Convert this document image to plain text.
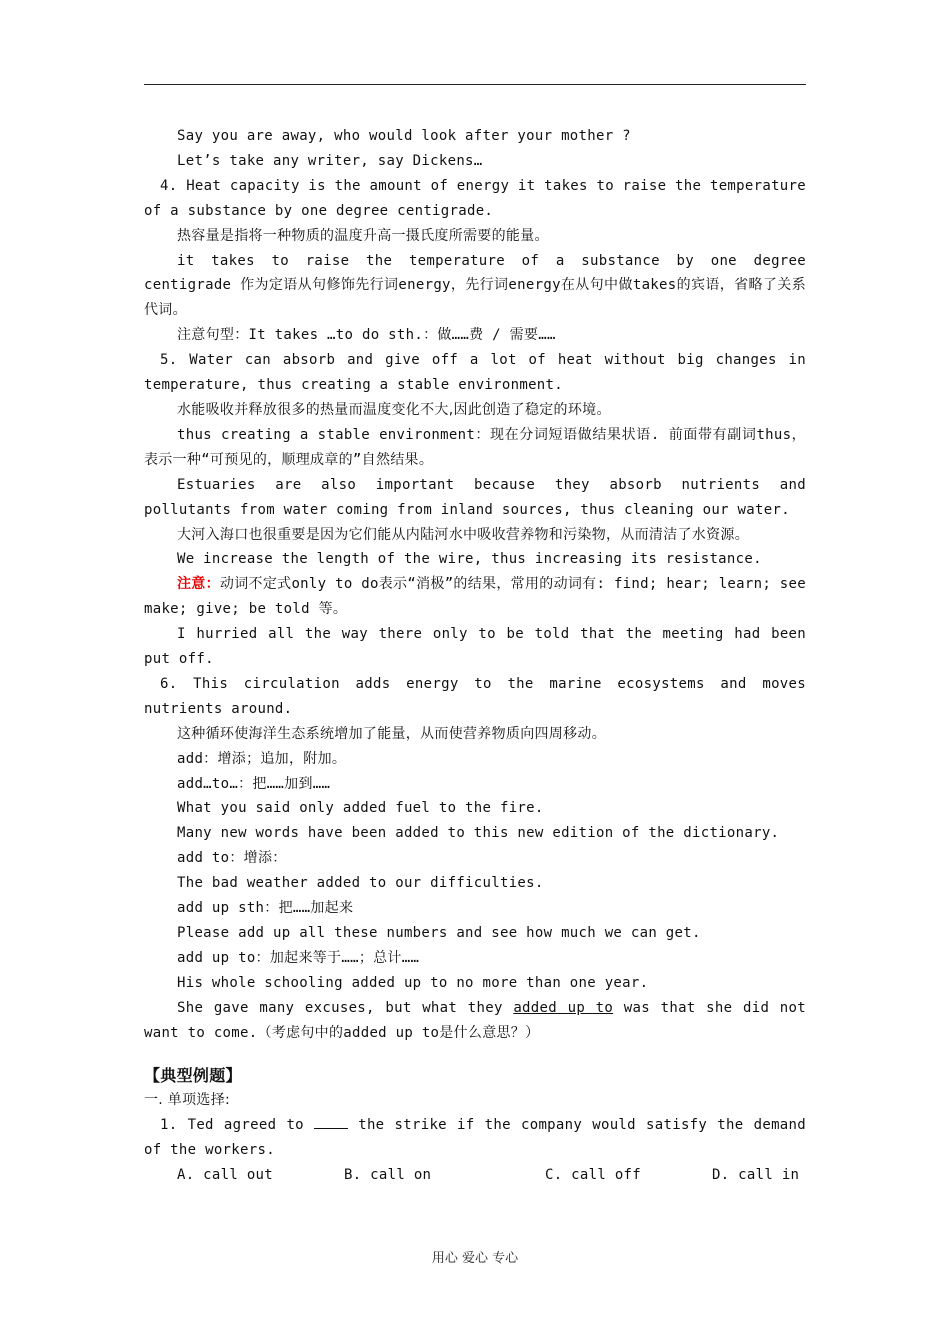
Say you are away, who would look after your mother ?

Let’s take any writer, say Dickens…

4. Heat capacity is the amount of energy it takes to raise the temperature of a substance by one degree centigrade.

热容量是指将一种物质的温度升高一摄氏度所需要的能量。

it takes to raise the temperature of a substance by one degree centigrade 作为定语从句修饰先行词energy，先行词energy在从句中做takes的宾语，省略了关系代词。

注意句型：It takes …to do sth.：做……费 / 需要……

5. Water can absorb and give off a lot of heat without big changes in temperature, thus creating a stable environment.

水能吸收并释放很多的热量而温度变化不大,因此创造了稳定的环境。

thus creating a stable environment：现在分词短语做结果状语. 前面带有副词thus，表示一种“可预见的，顺理成章的”自然结果。

Estuaries are also important because they absorb nutrients and pollutants from water coming from inland sources, thus cleaning our water.

大河入海口也很重要是因为它们能从内陆河水中吸收营养物和污染物，从而清洁了水资源。

We increase the length of the wire, thus increasing its resistance.

注意：动词不定式only to do表示“消极”的结果，常用的动词有: find; hear; learn; see make; give; be told 等。

I hurried all the way there only to be told that the meeting had been put off.

6. This circulation adds energy to the marine ecosystems and moves nutrients around.

这种循环使海洋生态系统增加了能量，从而使营养物质向四周移动。

add：增添；追加，附加。

add…to…：把……加到……

What you said only added fuel to the fire.

Many new words have been added to this new edition of the dictionary.

add to：增添：

The bad weather added to our difficulties.

add up sth：把……加起来

Please add up all these numbers and see how much we can get.

add up to：加起来等于……；总计……

His whole schooling added up to no more than one year.

She gave many excuses, but what they added up to was that she did not want to come.（考虑句中的added up to是什么意思？）

【典型例题】

一. 单项选择:

1. Ted agreed to  the strike if the company would satisfy the demand of the workers.

A. call out	B. call on	C. call off	D. call in
用心 爱心 专心
